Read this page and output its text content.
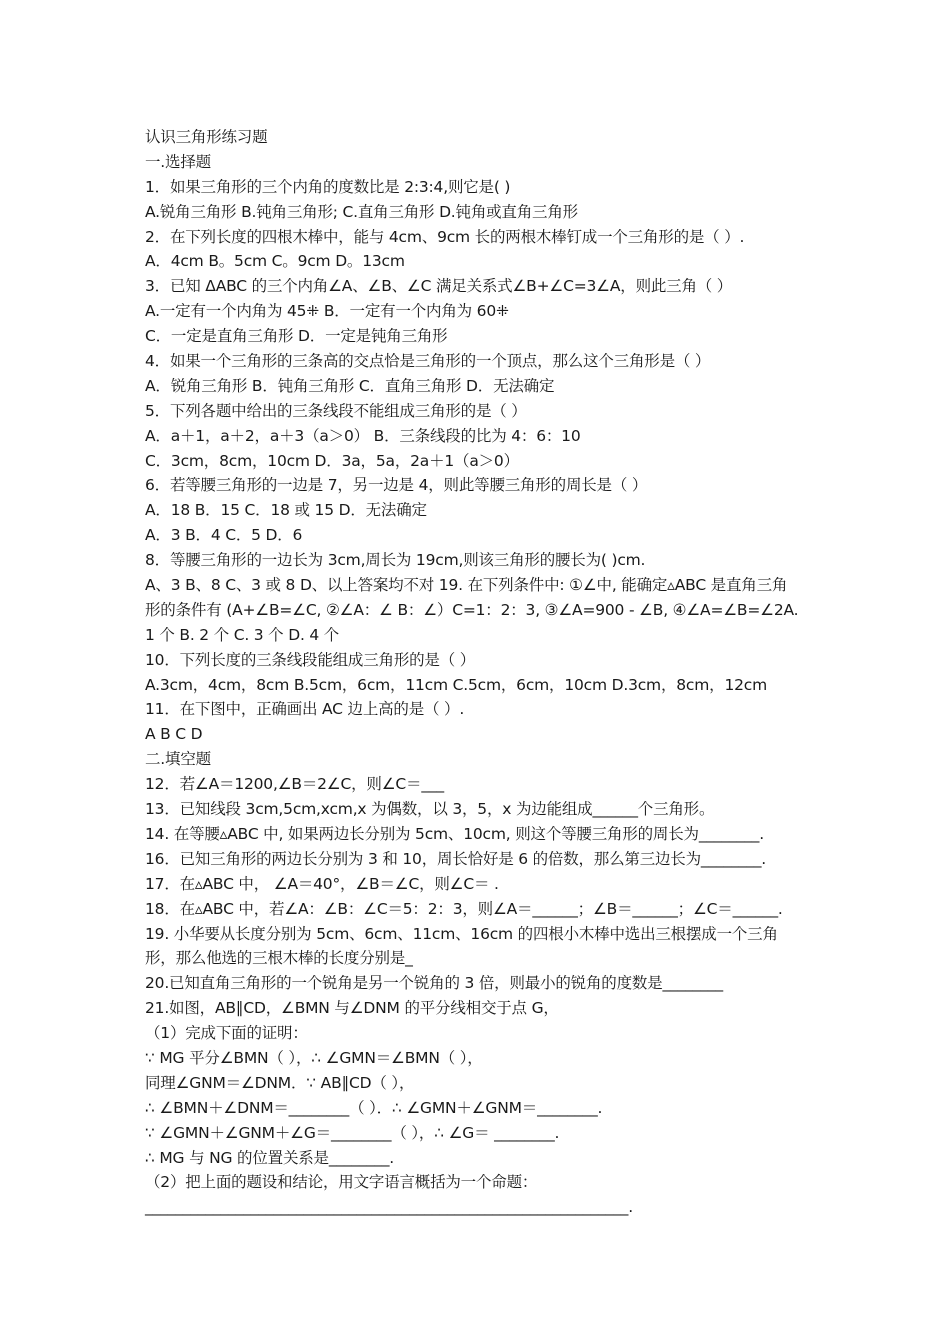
认识三角形练习题
一.选择题
1．如果三角形的三个内角的度数比是 2:3:4,则它是( )
A.锐角三角形 B.钝角三角形; C.直角三角形 D.钝角或直角三角形
2．在下列长度的四根木棒中，能与 4cm、9cm 长的两根木棒钉成一个三角形的是（ ）.
A．4cm B。5cm C。9cm D。13cm
3．已知 ΔABC 的三个内角∠A、∠B、∠C 满足关系式∠B+∠C=3∠A，则此三角（ ）
A.一定有一个内角为 45⁜ B．一定有一个内角为 60⁜
C．一定是直角三角形 D．一定是钝角三角形
4．如果一个三角形的三条高的交点恰是三角形的一个顶点，那么这个三角形是（ ）
A．锐角三角形 B．钝角三角形 C．直角三角形 D．无法确定
5．下列各题中给出的三条线段不能组成三角形的是（ ）
A．a＋1，a＋2，a＋3（a＞0） B．三条线段的比为 4：6：10
C．3cm，8cm，10cm D．3a，5a，2a＋1（a＞0）
6．若等腰三角形的一边是 7，另一边是 4，则此等腰三角形的周长是（ ）
A．18 B．15 C．18 或 15 D．无法确定
A．3 B．4 C．5 D．6
8．等腰三角形的一边长为 3cm,周长为 19cm,则该三角形的腰长为( )cm.
A、3 B、8 C、3 或 8 D、以上答案均不对 19. 在下列条件中: ①∠中, 能确定▵ABC 是直角三角
形的条件有 (A+∠B=∠C, ②∠A：∠ B：∠）C=1：2：3, ③∠A=900 - ∠B, ④∠A=∠B=∠2A.
1 个 B. 2 个 C. 3 个 D. 4 个
10．下列长度的三条线段能组成三角形的是（ ）
A.3cm，4cm，8cm B.5cm，6cm，11cm C.5cm，6cm，10cm D.3cm，8cm，12cm
11．在下图中，正确画出 AC 边上高的是（ ）.
A B C D
二.填空题
12．若∠A＝1200,∠B＝2∠C，则∠C＝___
13．已知线段 3cm,5cm,xcm,x 为偶数，以 3，5，x 为边能组成______个三角形。
14. 在等腰▵ABC 中, 如果两边长分别为 5cm、10cm, 则这个等腰三角形的周长为________.
16．已知三角形的两边长分别为 3 和 10，周长恰好是 6 的倍数，那么第三边长为________.
17．在▵ABC 中， ∠A＝40°，∠B＝∠C，则∠C＝ .
18．在▵ABC 中，若∠A：∠B：∠C＝5：2：3，则∠A＝______；∠B＝______；∠C＝______.
19. 小华要从长度分别为 5cm、6cm、11cm、16cm 的四根小木棒中选出三根摆成一个三角
形，那么他选的三根木棒的长度分别是_
20.已知直角三角形的一个锐角是另一个锐角的 3 倍，则最小的锐角的度数是________
21.如图，AB∥CD，∠BMN 与∠DNM 的平分线相交于点 G，
（1）完成下面的证明：
∵ MG 平分∠BMN（ ），∴ ∠GMN＝∠BMN（ ），
同理∠GNM＝∠DNM．∵ AB∥CD（ ），
∴ ∠BMN＋∠DNM＝________（ ）．∴ ∠GMN＋∠GNM＝________.
∵ ∠GMN＋∠GNM＋∠G＝________（ ），∴ ∠G＝ ________.
∴ MG 与 NG 的位置关系是________.
（2）把上面的题设和结论，用文字语言概括为一个命题：
________________________________________________________________.
